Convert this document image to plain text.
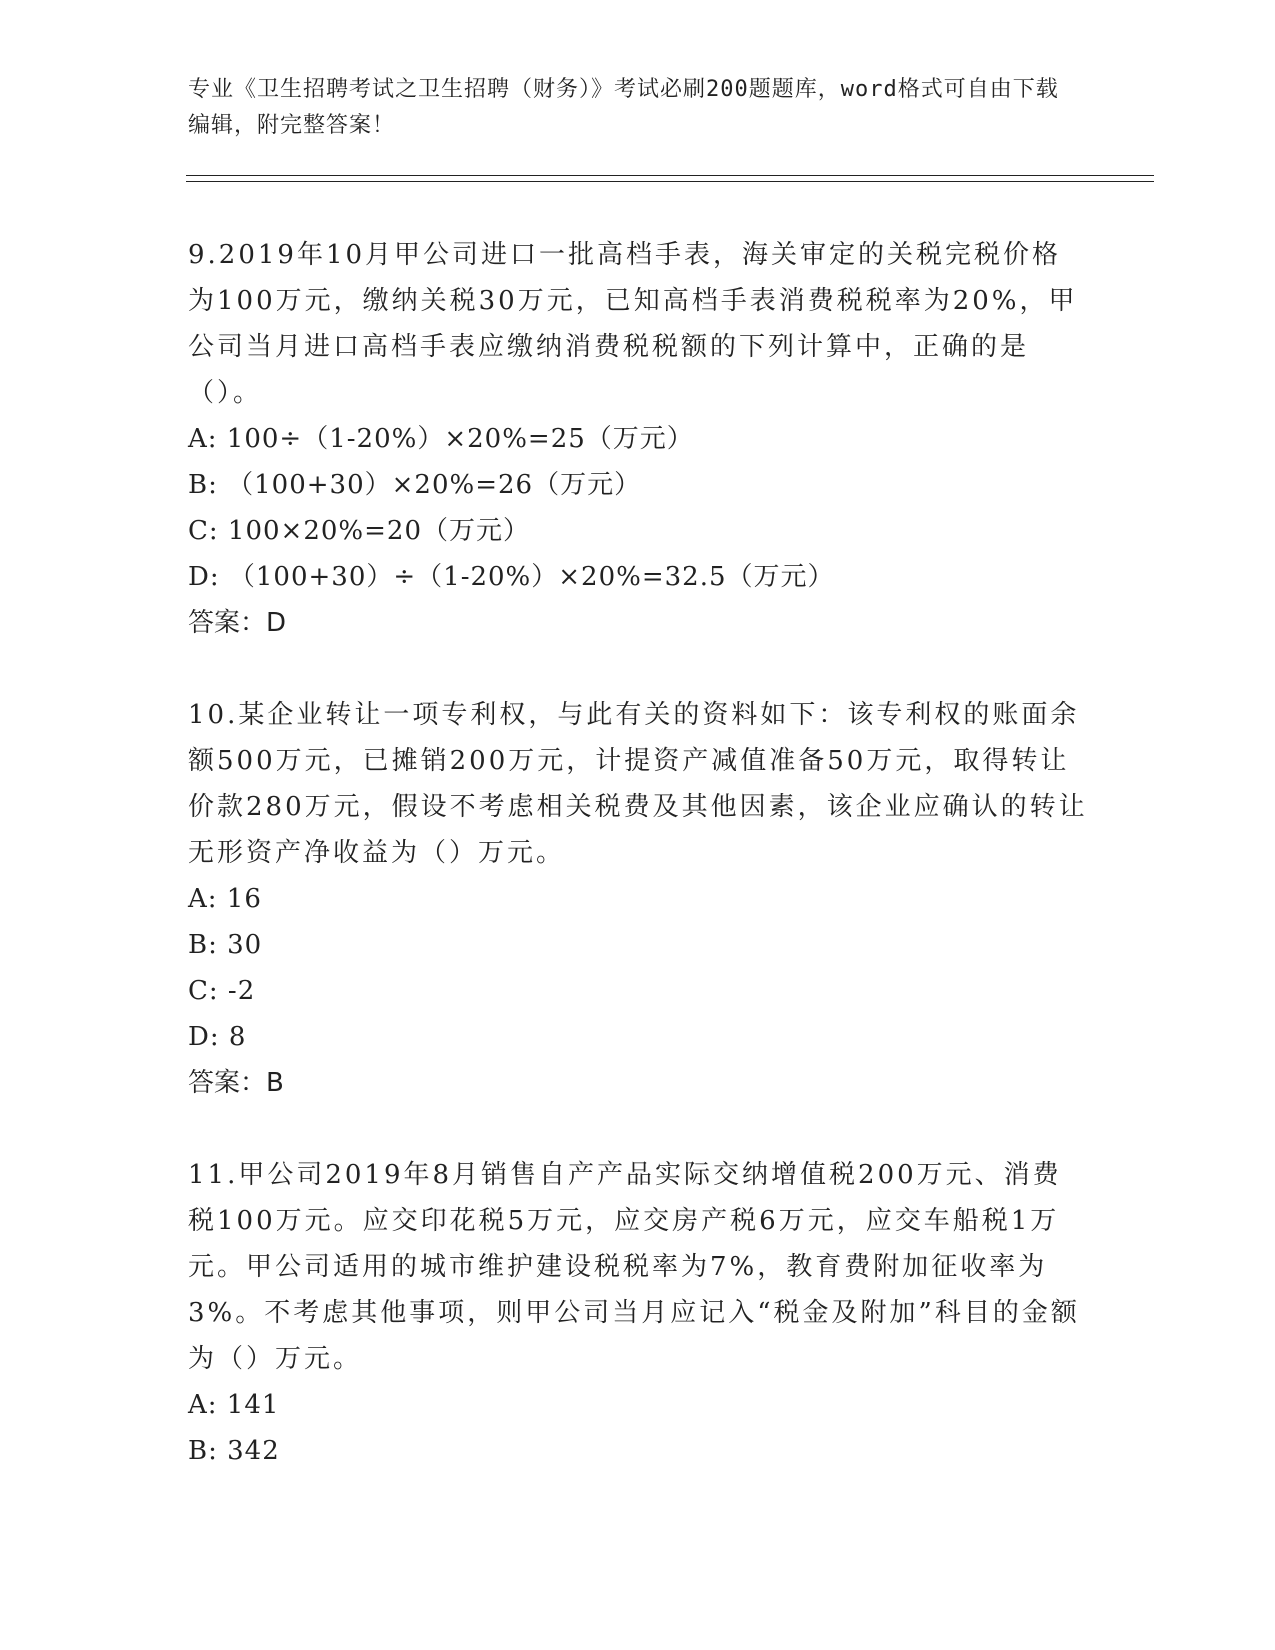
专业《卫生招聘考试之卫生招聘（财务）》考试必刷200题题库，word格式可自由下载编辑，附完整答案！

9.2019年10月甲公司进口一批高档手表，海关审定的关税完税价格为100万元，缴纳关税30万元，已知高档手表消费税税率为20%，甲公司当月进口高档手表应缴纳消费税税额的下列计算中，正确的是（）。

A: 100÷（1-20%）×20%=25（万元）

B: （100+30）×20%=26（万元）

C: 100×20%=20（万元）

D: （100+30）÷（1-20%）×20%=32.5（万元）

答案：D

10.某企业转让一项专利权，与此有关的资料如下：该专利权的账面余额500万元，已摊销200万元，计提资产减值准备50万元，取得转让价款280万元，假设不考虑相关税费及其他因素，该企业应确认的转让无形资产净收益为（）万元。

A: 16

B: 30

C: -2

D: 8

答案：B

11.甲公司2019年8月销售自产产品实际交纳增值税200万元、消费税100万元。应交印花税5万元，应交房产税6万元，应交车船税1万元。甲公司适用的城市维护建设税税率为7%，教育费附加征收率为3%。不考虑其他事项，则甲公司当月应记入“税金及附加”科目的金额为（）万元。

A: 141

B: 342
